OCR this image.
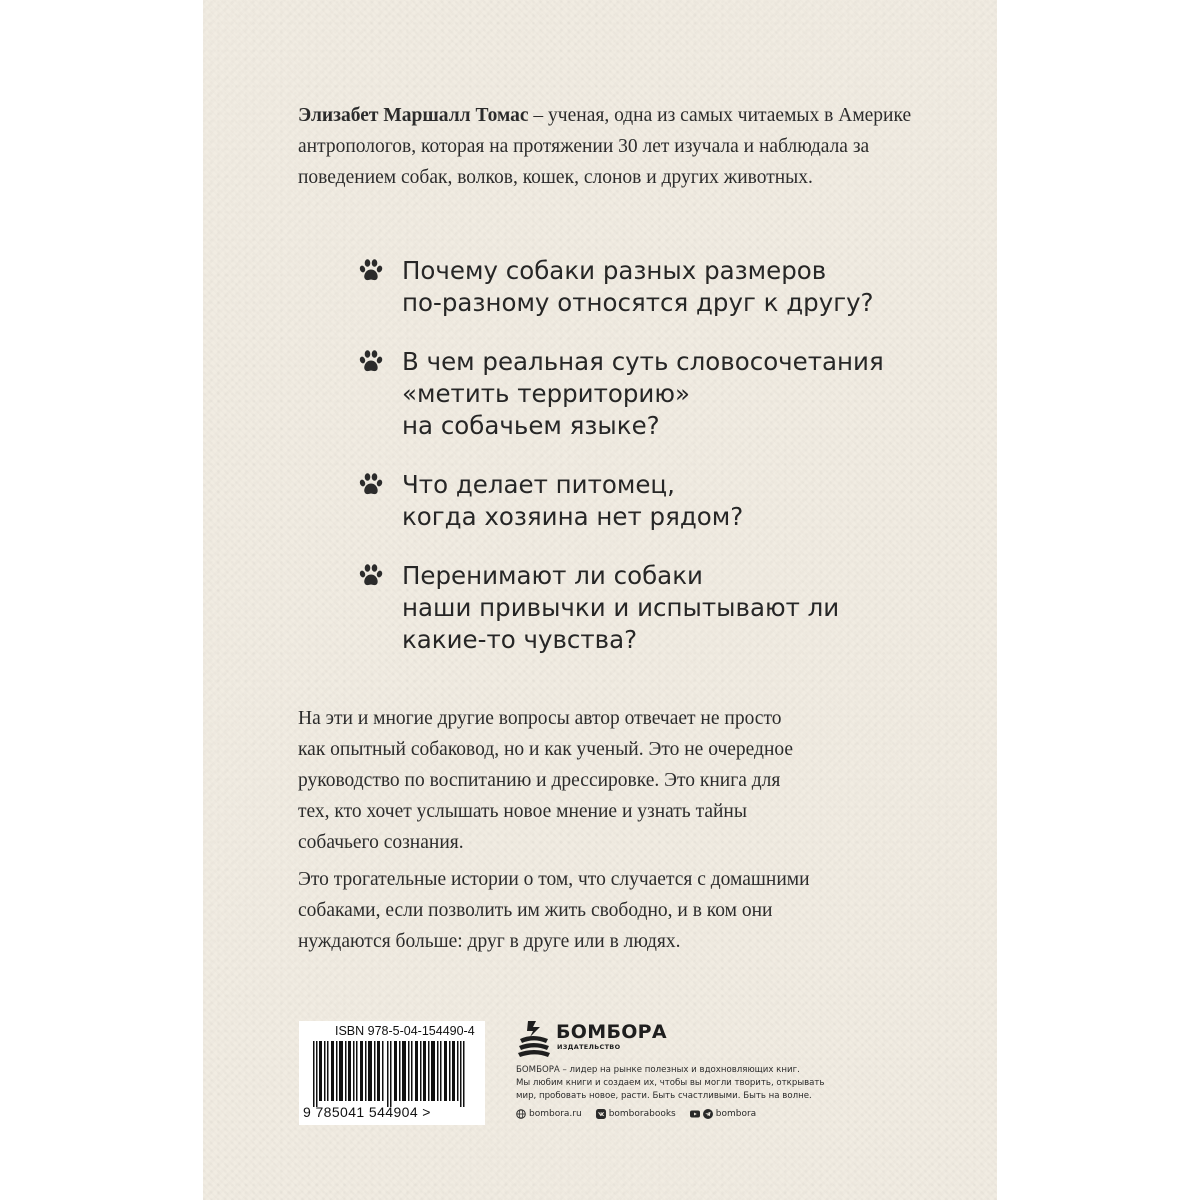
Элизабет Маршалл Томас – ученая, одна из самых читаемых в Америке антропологов, которая на протяжении 30 лет изучала и наблюдала за поведением собак, волков, кошек, слонов и других животных.

Почему собаки разных размеров
по-разному относятся друг к другу?
В чем реальная суть словосочетания
«метить территорию»
на собачьем языке?
Что делает питомец,
когда хозяина нет рядом?
Перенимают ли собаки
наши привычки и испытывают ли
какие-то чувства?

На эти и многие другие вопросы автор отвечает не просто
как опытный собаковод, но и как ученый. Это не очередное
руководство по воспитанию и дрессировке. Это книга для
тех, кто хочет услышать новое мнение и узнать тайны
собачьего сознания.

Это трогательные истории о том, что случается с домашними
собаками, если позволить им жить свободно, и в ком они
нуждаются больше: друг в друге или в людях.

ISBN 978-5-04-154490-4
9 785041 544904 >
БОМБОРА
ИЗДАТЕЛЬСТВО

БОМБОРА – лидер на рынке полезных и вдохновляющих книг.
Мы любим книги и создаем их, чтобы вы могли творить, открывать
мир, пробовать новое, расти. Быть счастливыми. Быть на волне.

bombora.ru	bomborabooks	bombora
